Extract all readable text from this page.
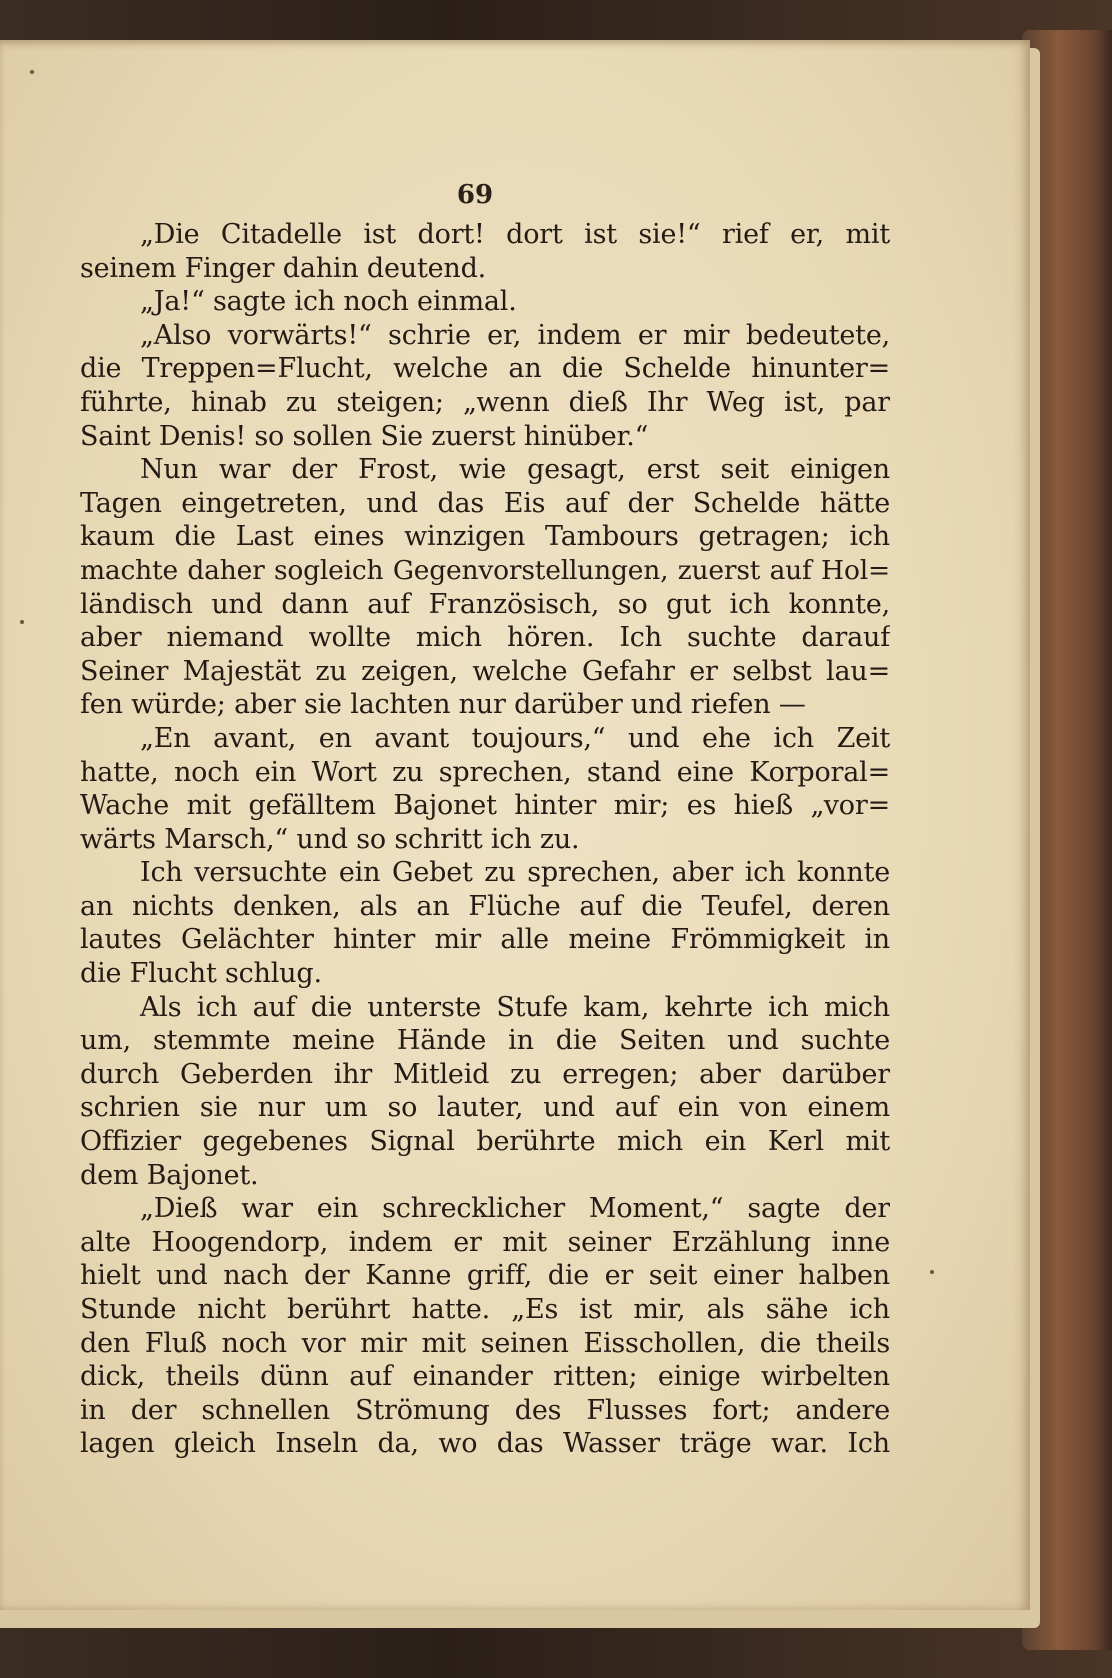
69
„Die Citadelle ist dort! dort ist sie!“ rief er, mit
seinem Finger dahin deutend.
„Ja!“ sagte ich noch einmal.
„Also vorwärts!“ schrie er, indem er mir bedeutete,
die Treppen=Flucht, welche an die Schelde hinunter=
führte, hinab zu steigen; „wenn dieß Ihr Weg ist, par
Saint Denis! so sollen Sie zuerst hinüber.“
Nun war der Frost, wie gesagt, erst seit einigen
Tagen eingetreten, und das Eis auf der Schelde hätte
kaum die Last eines winzigen Tambours getragen; ich
machte daher sogleich Gegenvorstellungen, zuerst auf Hol=
ländisch und dann auf Französisch, so gut ich konnte,
aber niemand wollte mich hören. Ich suchte darauf
Seiner Majestät zu zeigen, welche Gefahr er selbst lau=
fen würde; aber sie lachten nur darüber und riefen —
„En avant, en avant toujours,“ und ehe ich Zeit
hatte, noch ein Wort zu sprechen, stand eine Korporal=
Wache mit gefälltem Bajonet hinter mir; es hieß „vor=
wärts Marsch,“ und so schritt ich zu.
Ich versuchte ein Gebet zu sprechen, aber ich konnte
an nichts denken, als an Flüche auf die Teufel, deren
lautes Gelächter hinter mir alle meine Frömmigkeit in
die Flucht schlug.
Als ich auf die unterste Stufe kam, kehrte ich mich
um, stemmte meine Hände in die Seiten und suchte
durch Geberden ihr Mitleid zu erregen; aber darüber
schrien sie nur um so lauter, und auf ein von einem
Offizier gegebenes Signal berührte mich ein Kerl mit
dem Bajonet.
„Dieß war ein schrecklicher Moment,“ sagte der
alte Hoogendorp, indem er mit seiner Erzählung inne
hielt und nach der Kanne griff, die er seit einer halben
Stunde nicht berührt hatte. „Es ist mir, als sähe ich
den Fluß noch vor mir mit seinen Eisschollen, die theils
dick, theils dünn auf einander ritten; einige wirbelten
in der schnellen Strömung des Flusses fort; andere
lagen gleich Inseln da, wo das Wasser träge war. Ich
